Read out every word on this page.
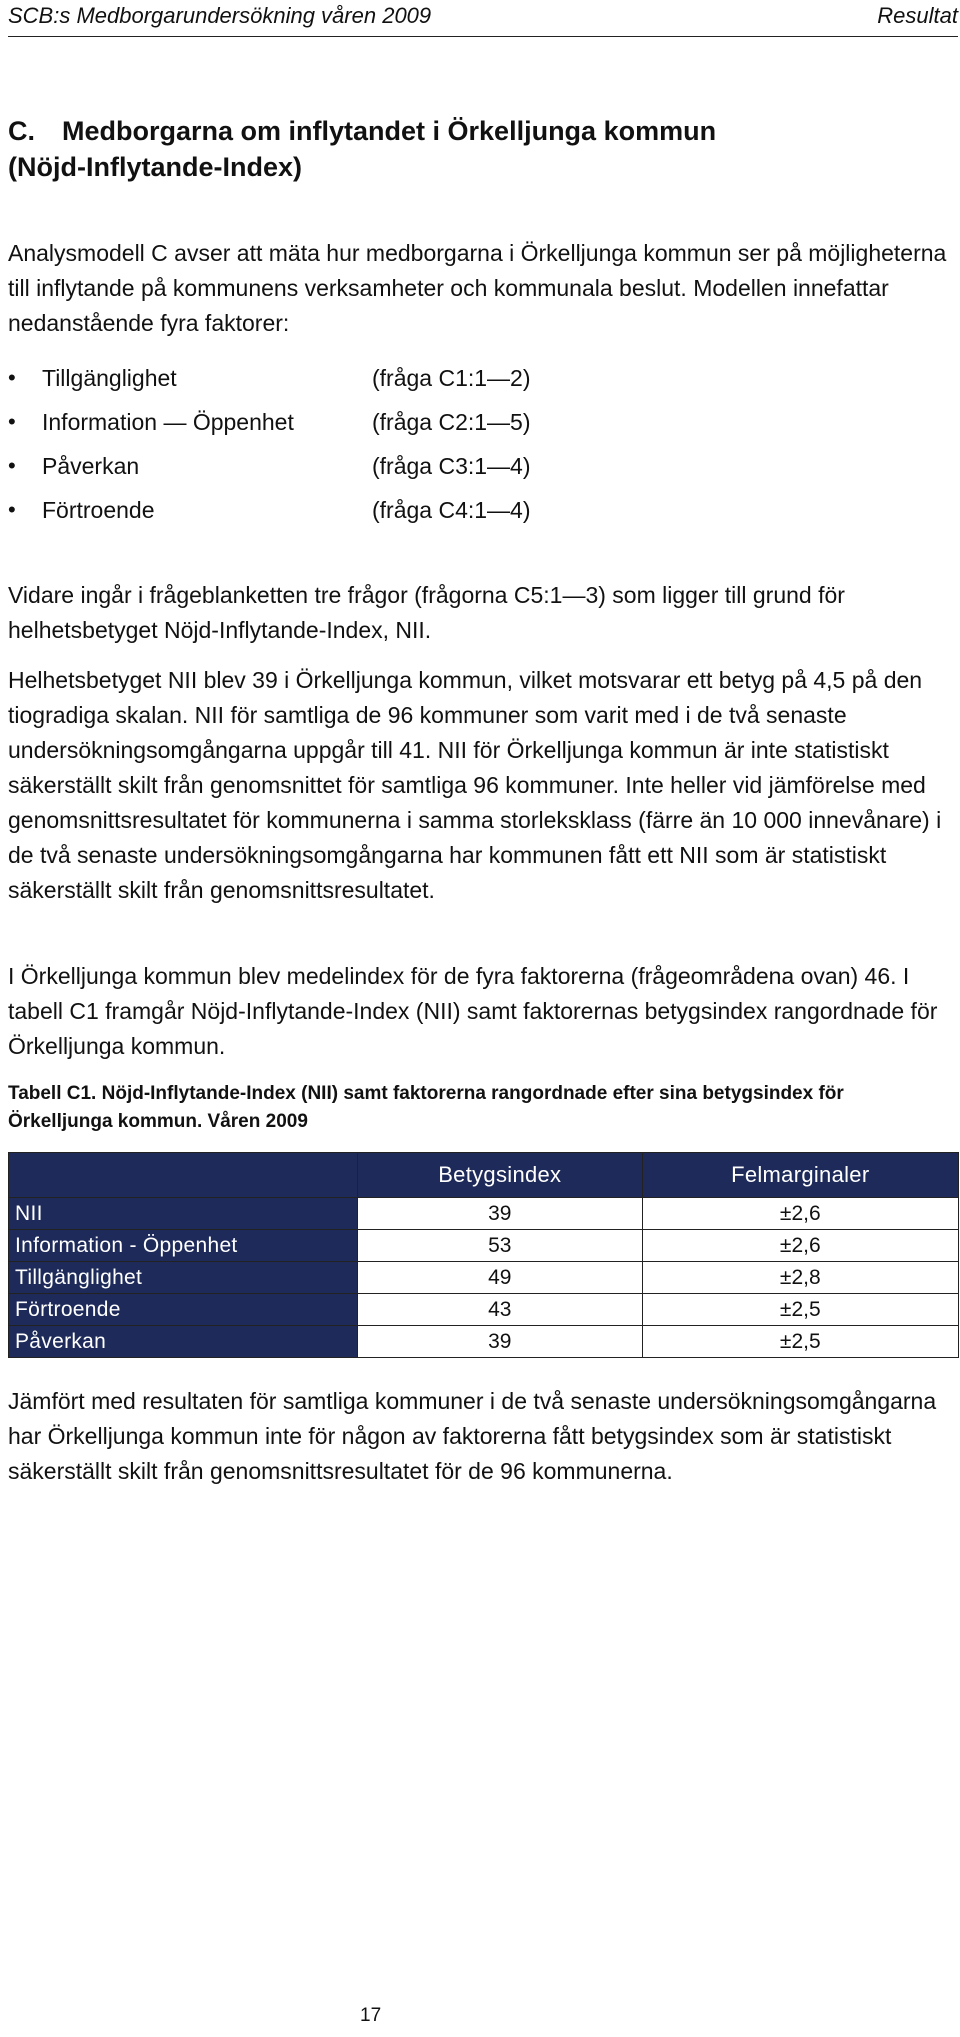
SCB:s Medborgarundersökning våren 2009	Resultat
C. Medborgarna om inflytandet i Örkelljunga kommun
(Nöjd-Inflytande-Index)

Analysmodell C avser att mäta hur medborgarna i Örkelljunga kommun ser på möjligheterna till inflytande på kommunens verksamheter och kommunala beslut. Modellen innefattar nedanstående fyra faktorer:

• Tillgänglighet	(fråga C1:1—2)
• Information — Öppenhet	(fråga C2:1—5)
• Påverkan	(fråga C3:1—4)
• Förtroende	(fråga C4:1—4)

Vidare ingår i frågeblanketten tre frågor (frågorna C5:1—3) som ligger till grund för helhetsbetyget Nöjd-Inflytande-Index, NII.

Helhetsbetyget NII blev 39 i Örkelljunga kommun, vilket motsvarar ett betyg på 4,5 på den tiogradiga skalan. NII för samtliga de 96 kommuner som varit med i de två senaste undersökningsomgångarna uppgår till 41. NII för Örkelljunga kommun är inte statistiskt säkerställt skilt från genomsnittet för samtliga 96 kommuner. Inte heller vid jämförelse med genomsnittsresultatet för kommunerna i samma storleksklass (färre än 10 000 innevånare) i de två senaste undersökningsomgångarna har kommunen fått ett NII som är statistiskt säkerställt skilt från genomsnittsresultatet.

I Örkelljunga kommun blev medelindex för de fyra faktorerna (frågeområdena ovan) 46. I tabell C1 framgår Nöjd-Inflytande-Index (NII) samt faktorernas betygsindex rangordnade för Örkelljunga kommun.

Tabell C1. Nöjd-Inflytande-Index (NII) samt faktorerna rangordnade efter sina betygsindex för Örkelljunga kommun. Våren 2009

	Betygsindex	Felmarginaler
NII	39	±2,6
Information - Öppenhet	53	±2,6
Tillgänglighet	49	±2,8
Förtroende	43	±2,5
Påverkan	39	±2,5

Jämfört med resultaten för samtliga kommuner i de två senaste undersökningsomgångarna har Örkelljunga kommun inte för någon av faktorerna fått betygsindex som är statistiskt säkerställt skilt från genomsnittsresultatet för de 96 kommunerna.

17
